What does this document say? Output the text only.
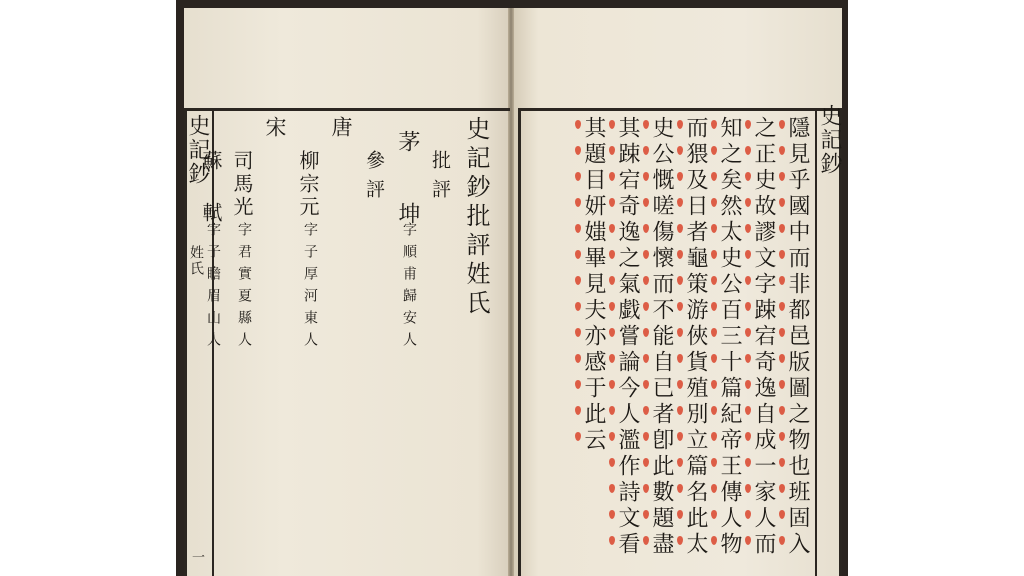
史記鈔
姓氏
一

史記鈔批評姓氏
批評
茅　坤
字順甫歸安人
參評
唐
柳宗元
字子厚河東人
宋
司馬光
字君實夏縣人
蘇　軾
字子瞻眉山人
史記鈔
隱見乎國中而非都邑版圖之物也班固入
之正史故謬文字踈宕奇逸自成一家人而
知之矣然太史公百三十篇紀帝王傳人物
而猥及日者龜策游俠貨殖別立篇名此太
史公慨嗟傷懷而不能自已者卽此數題盡
其踈宕奇逸之氣戯嘗論今人濫作詩文看
其題目妍媸畢見夫亦感于此云
